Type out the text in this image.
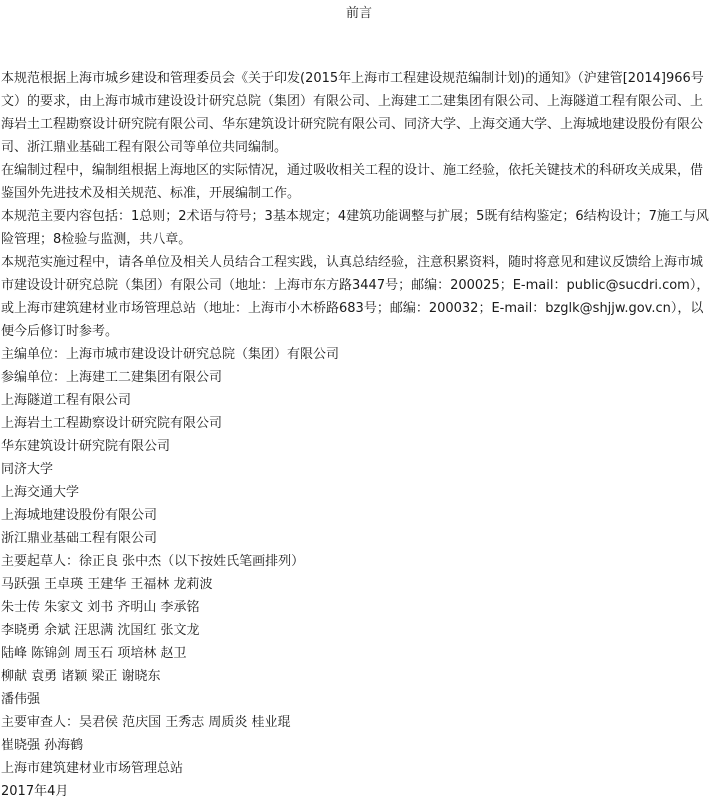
前言

本规范根据上海市城乡建设和管理委员会《关于印发(2015年上海市工程建设规范编制计划)的通知》（沪建管[2014]966号文）的要求，由上海市城市建设设计研究总院（集团）有限公司、上海建工二建集团有限公司、上海隧道工程有限公司、上海岩土工程勘察设计研究院有限公司、华东建筑设计研究院有限公司、同济大学、上海交通大学、上海城地建设股份有限公司、浙江鼎业基础工程有限公司等单位共同编制。

在编制过程中，编制组根据上海地区的实际情况，通过吸收相关工程的设计、施工经验，依托关键技术的科研攻关成果，借鉴国外先进技术及相关规范、标准，开展编制工作。

本规范主要内容包括：1总则；2术语与符号；3基本规定；4建筑功能调整与扩展；5既有结构鉴定；6结构设计；7施工与风险管理；8检验与监测，共八章。

本规范实施过程中，请各单位及相关人员结合工程实践，认真总结经验，注意积累资料，随时将意见和建议反馈给上海市城市建设设计研究总院（集团）有限公司（地址：上海市东方路3447号；邮编：200025；E-mail：public@sucdri.com），或上海市建筑建材业市场管理总站（地址：上海市小木桥路683号；邮编：200032；E-mail：bzglk@shjjw.gov.cn），以便今后修订时参考。

主编单位：上海市城市建设设计研究总院（集团）有限公司

参编单位：上海建工二建集团有限公司

上海隧道工程有限公司

上海岩土工程勘察设计研究院有限公司

华东建筑设计研究院有限公司

同济大学

上海交通大学

上海城地建设股份有限公司

浙江鼎业基础工程有限公司

主要起草人：徐正良 张中杰（以下按姓氏笔画排列）

马跃强 王卓瑛 王建华 王福林 龙莉波

朱士传 朱家文 刘书 齐明山 李承铭

李晓勇 余斌 汪思满 沈国红 张文龙

陆峰 陈锦剑 周玉石 项培林 赵卫

柳献 袁勇 诸颖 梁正 谢晓东

潘伟强

主要审查人：吴君侯 范庆国 王秀志 周质炎 桂业琨

崔晓强 孙海鹤

上海市建筑建材业市场管理总站

2017年4月
